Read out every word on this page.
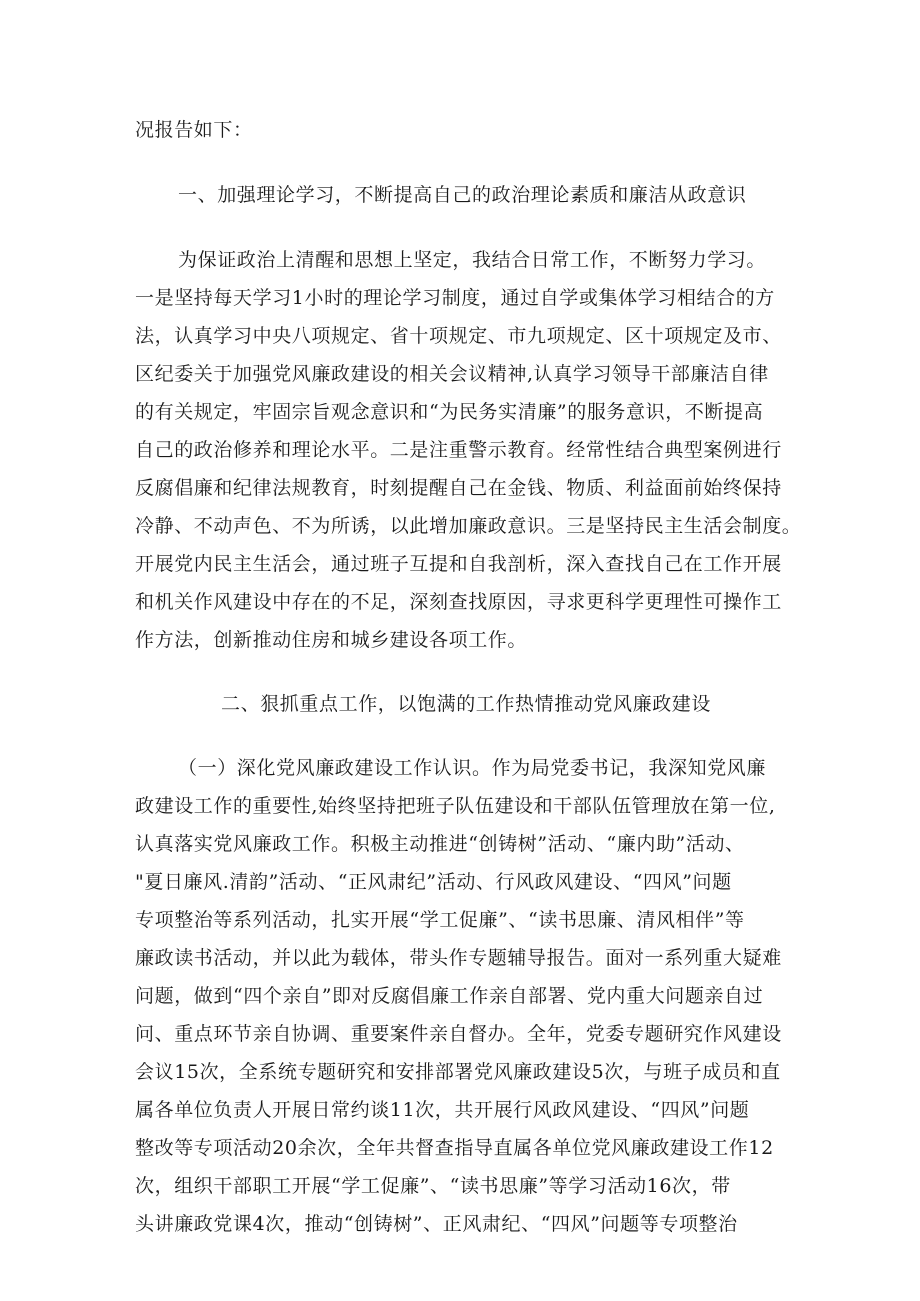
况报告如下：
一、加强理论学习，不断提高自己的政治理论素质和廉洁从政意识
为保证政治上清醒和思想上坚定，我结合日常工作，不断努力学习。
一是坚持每天学习1小时的理论学习制度，通过自学或集体学习相结合的方
法，认真学习中央八项规定、省十项规定、市九项规定、区十项规定及市、
区纪委关于加强党风廉政建设的相关会议精神,认真学习领导干部廉洁自律
的有关规定，牢固宗旨观念意识和“为民务实清廉”的服务意识，不断提高
自己的政治修养和理论水平。二是注重警示教育。经常性结合典型案例进行
反腐倡廉和纪律法规教育，时刻提醒自己在金钱、物质、利益面前始终保持
冷静、不动声色、不为所诱，以此增加廉政意识。三是坚持民主生活会制度。
开展党内民主生活会，通过班子互提和自我剖析，深入查找自己在工作开展
和机关作风建设中存在的不足，深刻查找原因，寻求更科学更理性可操作工
作方法，创新推动住房和城乡建设各项工作。
二、狠抓重点工作，以饱满的工作热情推动党风廉政建设
（一）深化党风廉政建设工作认识。作为局党委书记，我深知党风廉
政建设工作的重要性,始终坚持把班子队伍建设和干部队伍管理放在第一位,
认真落实党风廉政工作。积极主动推进“创铸树”活动、“廉内助”活动、
"夏日廉风.清韵”活动、“正风肃纪”活动、行风政风建设、“四风”问题
专项整治等系列活动，扎实开展“学工促廉”、“读书思廉、清风相伴”等
廉政读书活动，并以此为载体，带头作专题辅导报告。面对一系列重大疑难
问题，做到“四个亲自”即对反腐倡廉工作亲自部署、党内重大问题亲自过
问、重点环节亲自协调、重要案件亲自督办。全年，党委专题研究作风建设
会议15次，全系统专题研究和安排部署党风廉政建设5次，与班子成员和直
属各单位负责人开展日常约谈11次，共开展行风政风建设、“四风”问题
整改等专项活动20余次，全年共督查指导直属各单位党风廉政建设工作12
次，组织干部职工开展“学工促廉”、“读书思廉”等学习活动16次，带
头讲廉政党课4次，推动“创铸树”、正风肃纪、“四风”问题等专项整治
